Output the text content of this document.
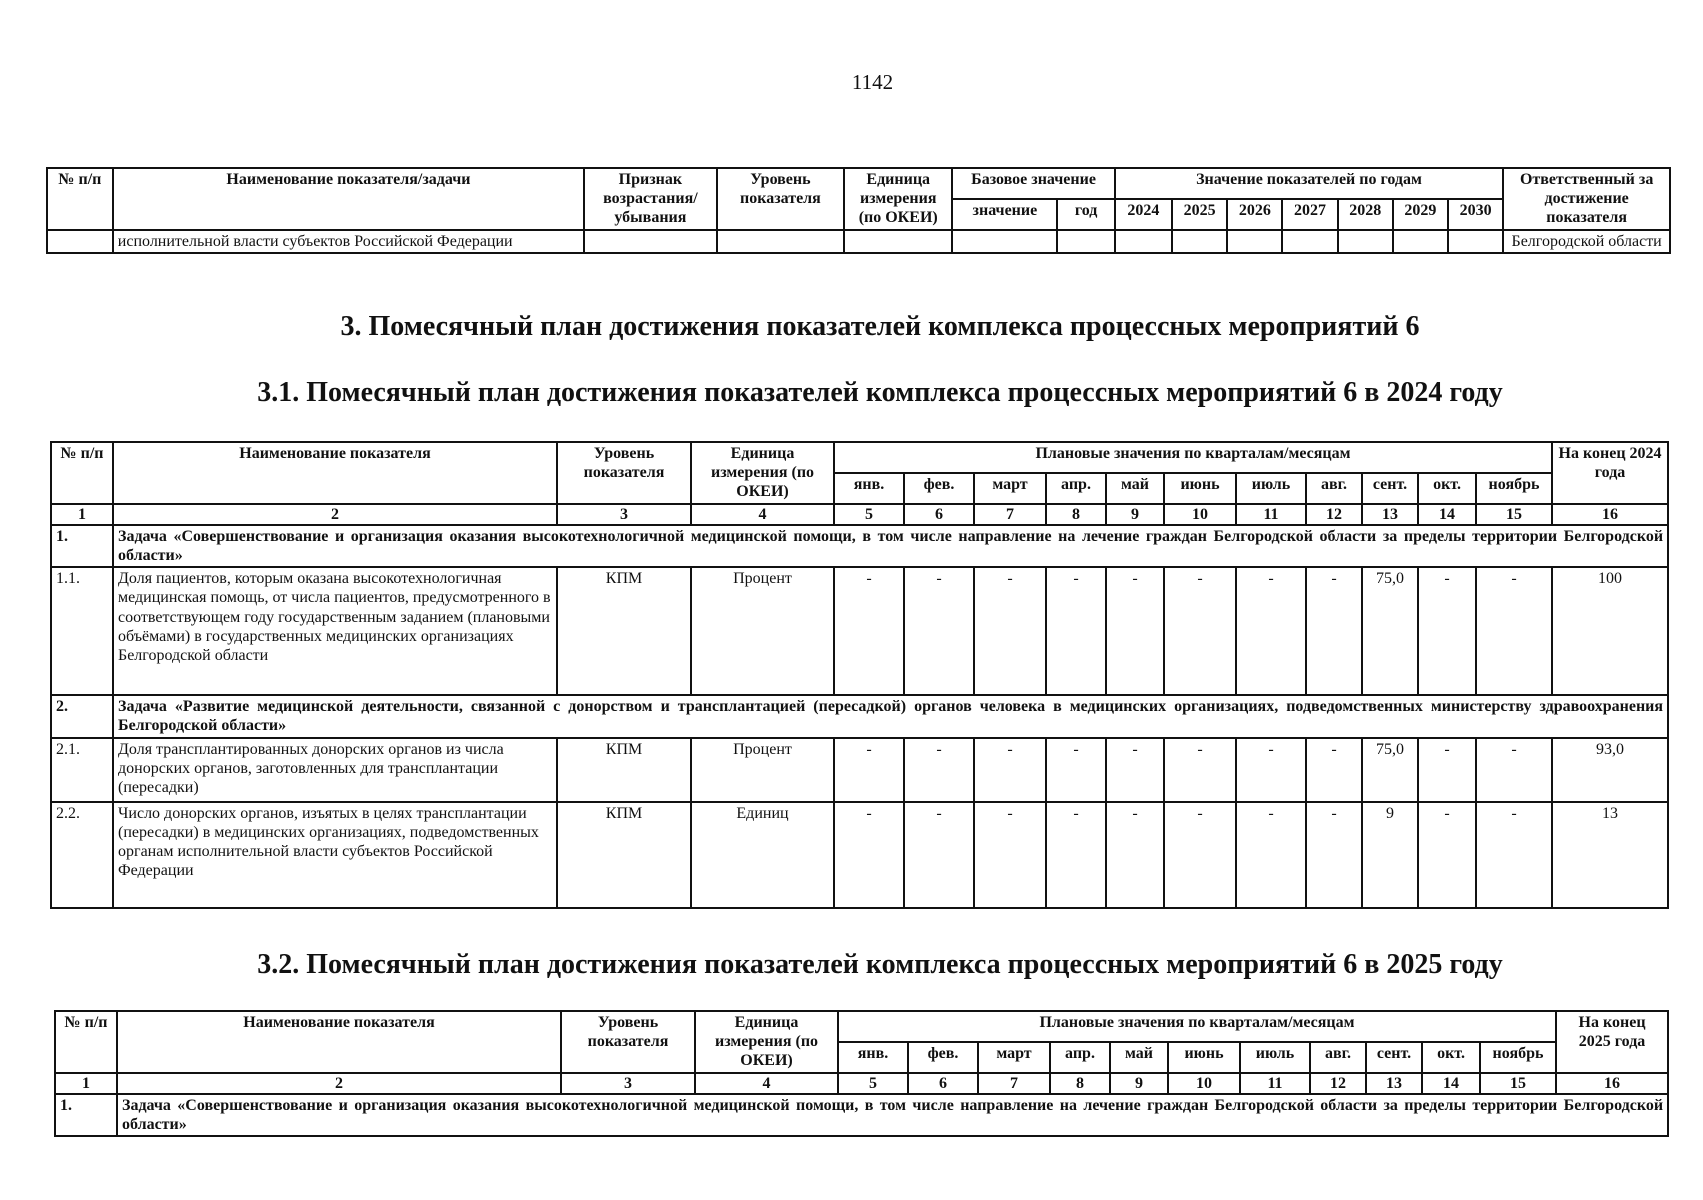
1142
№ п/п	Наименование показателя/задачи	Признак возрастания/ убывания	Уровень показателя	Единица измерения (по ОКЕИ)	Базовое значение		Значение показателей по годам							Ответственный за достижение показателя
					значение	год	2024	2025	2026	2027	2028	2029	2030	
	исполнительной власти субъектов Российской Федерации													Белгородской области
3. Помесячный план достижения показателей комплекса процессных мероприятий 6
3.1. Помесячный план достижения показателей комплекса процессных мероприятий 6 в 2024 году
№ п/п	Наименование показателя	Уровень показателя	Единица измерения (по ОКЕИ)	Плановые значения по кварталам/месяцам											На конец 2024 года
				янв.	фев.	март	апр.	май	июнь	июль	авг.	сент.	окт.	ноябрь	
1	2	3	4	5	6	7	8	9	10	11	12	13	14	15	16
1.	Задача «Совершенствование и организация оказания высокотехнологичной медицинской помощи, в том числе направление на лечение граждан Белгородской области за пределы территории Белгородской области»														
1.1.	Доля пациентов, которым оказана высокотехнологичная медицинская помощь, от числа пациентов, предусмотренного в соответствующем году государственным заданием (плановыми объёмами) в государственных медицинских организациях Белгородской области	КПМ	Процент	-	-	-	-	-	-	-	-	75,0	-	-	100
2.	Задача «Развитие медицинской деятельности, связанной с донорством и трансплантацией (пересадкой) органов человека в медицинских организациях, подведомственных министерству здравоохранения Белгородской области»														
2.1.	Доля трансплантированных донорских органов из числа донорских органов, заготовленных для трансплантации (пересадки)	КПМ	Процент	-	-	-	-	-	-	-	-	75,0	-	-	93,0
2.2.	Число донорских органов, изъятых в целях трансплантации (пересадки) в медицинских организациях, подведомственных органам исполнительной власти субъектов Российской Федерации	КПМ	Единиц	-	-	-	-	-	-	-	-	9	-	-	13
3.2. Помесячный план достижения показателей комплекса процессных мероприятий 6 в 2025 году
№ п/п	Наименование показателя	Уровень показателя	Единица измерения (по ОКЕИ)	Плановые значения по кварталам/месяцам											На конец 2025 года
				янв.	фев.	март	апр.	май	июнь	июль	авг.	сент.	окт.	ноябрь	
1	2	3	4	5	6	7	8	9	10	11	12	13	14	15	16
1.	Задача «Совершенствование и организация оказания высокотехнологичной медицинской помощи, в том числе направление на лечение граждан Белгородской области за пределы территории Белгородской области»														
